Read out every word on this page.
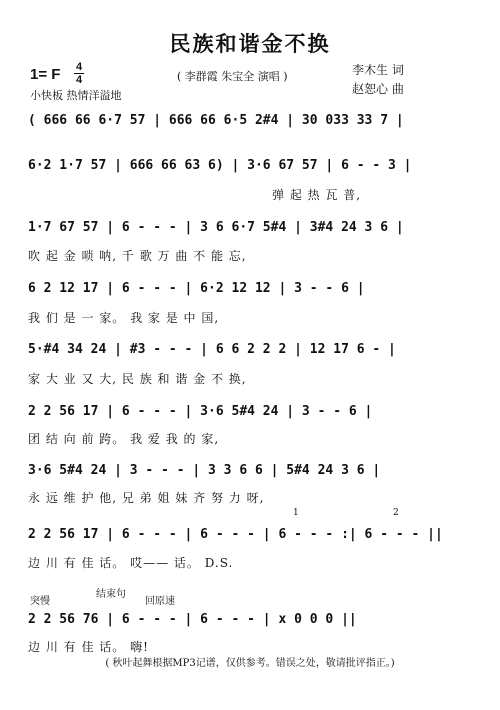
民族和谐金不换
1= F 4
4
小快板 热情洋溢地
( 李群霞 朱宝全 演唱 )	李木生 词
赵恕心 曲
( 666 66 6·7 57 | 666 66 6·5 2#4 | 30 033 33 7 |
6·2 1·7 57 | 666 66 63 6) | 3·6 67 57 | 6 - - 3 |
弹 起 热 瓦 普,
1·7 67 57 | 6 - - - | 3 6 6·7 5#4 | 3#4 24 3 6 |
吹 起 金 唢 呐, 千 歌 万 曲 不 能 忘,
6 2 12 17 | 6 - - - | 6·2 12 12 | 3 - - 6 |
我 们 是 一 家。 我 家 是 中 国,
5·#4 34 24 | #3 - - - | 6 6 2 2 2 | 12 17 6 - |
家 大 业 又 大, 民 族 和 谐 金 不 换,
2 2 56 17 | 6 - - - | 3·6 5#4 24 | 3 - - 6 |
团 结 向 前 跨。 我 爱 我 的 家,
3·6 5#4 24 | 3 - - - | 3 3 6 6 | 5#4 24 3 6 |
永 远 维 护 他, 兄 弟 姐 妹 齐 努 力 呀,
1	2
2 2 56 17 | 6 - - - | 6 - - - | 6 - - - :| 6 - - - ||
边 川 有 佳 话。 哎—— 话。 D.S.
突慢
结束句
回原速
2 2 56 76 | 6 - - - | 6 - - - | x 0 0 0 ||
边 川 有 佳 话。 嗨!
( 秋叶起舞根据MP3记谱，仅供参考。错误之处，敬请批评指正。)
